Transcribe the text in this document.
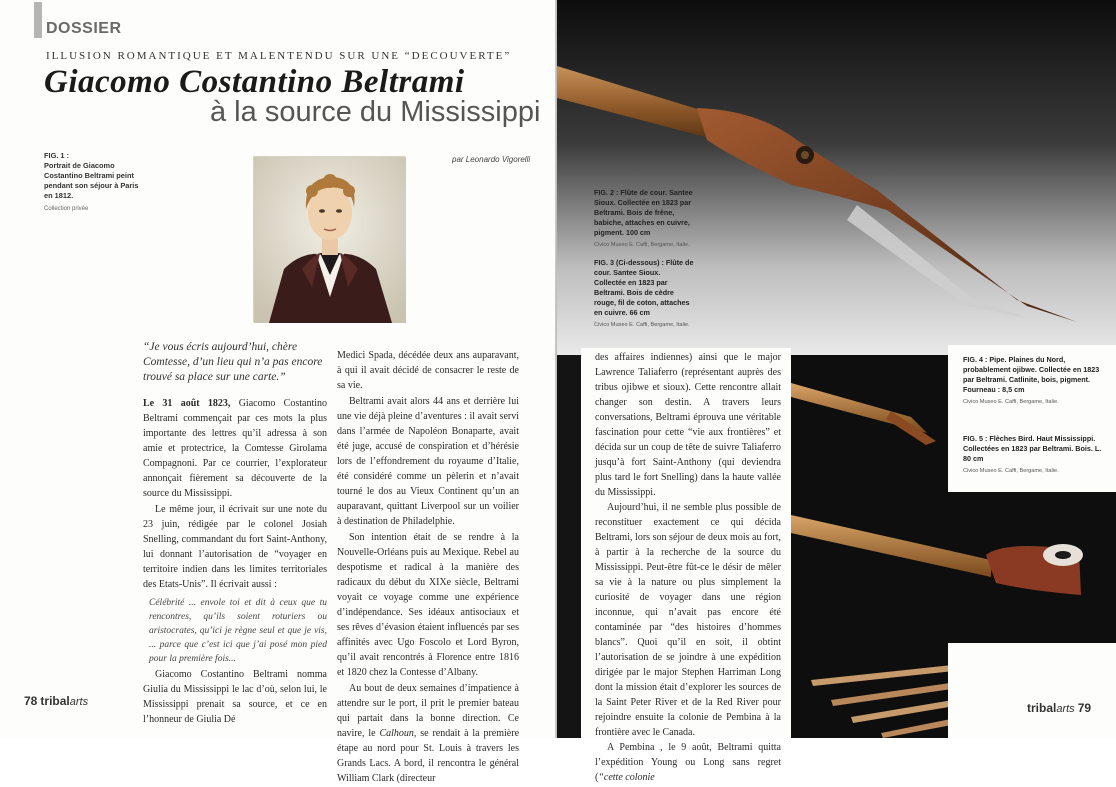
DOSSIER
ILLUSION ROMANTIQUE ET MALENTENDU SUR UNE “DECOUVERTE”
Giacomo Costantino Beltrami
à la source du Mississippi
FIG. 1 :
Portrait de Giacomo Costantino Beltrami peint pendant son séjour à Paris en 1812.
Collection privée
par Leonardo Vigorelli
“Je vous écris aujourd’hui, chère Comtesse, d’un lieu qui n’a pas encore trouvé sa place sur une carte.”

Le 31 août 1823, Giacomo Costantino Beltrami commençait par ces mots la plus importante des lettres qu’il adressa à son amie et protectrice, la Comtesse Girolama Compagnoni. Par ce courrier, l’explorateur annonçait fièrement sa découverte de la source du Mississippi.

Le même jour, il écrivait sur une note du 23 juin, rédigée par le colonel Josiah Snelling, commandant du fort Saint-Anthony, lui donnant l’autorisation de “voyager en territoire indien dans les limites territoriales des Etats-Unis”. Il écrivait aussi :

Célébrité ... envole toi et dit à ceux que tu rencontres, qu’ils soient roturiers ou aristocrates, qu’ici je règne seul et que je vis, ... parce que c’est ici que j’ai posé mon pied pour la première fois...

Giacomo Costantino Beltrami nomma Giulia du Mississippi le lac d’où, selon lui, le Mississippi prenait sa source, et ce en l’honneur de Giulia Dé

Medici Spada, décédée deux ans auparavant, à qui il avait décidé de consacrer le reste de sa vie.

Beltrami avait alors 44 ans et derrière lui une vie déjà pleine d’aventures : il avait servi dans l’armée de Napoléon Bonaparte, avait été juge, accusé de conspiration et d’hérésie lors de l’effondrement du royaume d’Italie, été considéré comme un pèlerin et n’avait tourné le dos au Vieux Continent qu’un an auparavant, quittant Liverpool sur un voilier à destination de Philadelphie.

Son intention était de se rendre à la Nouvelle-Orléans puis au Mexique. Rebel au despotisme et radical à la manière des radicaux du début du XIXe siècle, Beltrami voyait ce voyage comme une expérience d’indépendance. Ses idéaux antisociaux et ses rêves d’évasion étaient influencés par ses affinités avec Ugo Foscolo et Lord Byron, qu’il avait rencontrés à Florence entre 1816 et 1820 chez la Contesse d’Albany.

Au bout de deux semaines d’impatience à attendre sur le port, il prit le premier bateau qui partait dans la bonne direction. Ce navire, le Calhoun, se rendait à la première étape au nord pour St. Louis à travers les Grands Lacs. A bord, il rencontra le général William Clark (directeur

78 tribalarts
FIG. 2 : Flûte de cour. Santee Sioux. Collectée en 1823 par Beltrami. Bois de frêne, babiche, attaches en cuivre, pigment. 100 cm
Civico Museo E. Caffi, Bergame, Italie.
FIG. 3 (Ci-dessous) : Flûte de cour. Santee Sioux. Collectée en 1823 par Beltrami. Bois de cèdre rouge, fil de coton, attaches en cuivre. 66 cm
Civico Museo E. Caffi, Bergame, Italie.

des affaires indiennes) ainsi que le major Lawrence Taliaferro (représentant auprès des tribus ojibwe et sioux). Cette rencontre allait changer son destin. A travers leurs conversations, Beltrami éprouva une véritable fascination pour cette “vie aux frontières” et décida sur un coup de tête de suivre Taliaferro jusqu’à fort Saint-Anthony (qui deviendra plus tard le fort Snelling) dans la haute vallée du Mississippi.

Aujourd’hui, il ne semble plus possible de reconstituer exactement ce qui décida Beltrami, lors son séjour de deux mois au fort, à partir à la recherche de la source du Mississippi. Peut-être fût-ce le désir de mêler sa vie à la nature ou plus simplement la curiosité de voyager dans une région inconnue, qui n’avait pas encore été contaminée par “des histoires d’hommes blancs”. Quoi qu’il en soit, il obtint l’autorisation de se joindre à une expédition dirigée par le major Stephen Harriman Long dont la mission était d’explorer les sources de la Saint Peter River et de la Red River pour rejoindre ensuite la colonie de Pembina à la frontière avec le Canada.

A Pembina , le 9 août, Beltrami quitta l’expédition Young ou Long sans regret (“cette colonie

FIG. 4 : Pipe. Plaines du Nord, probablement ojibwe. Collectée en 1823 par Beltrami. Catlinite, bois, pigment. Fourneau : 8,5 cm
Civico Museo E. Caffi, Bergame, Italie.
FIG. 5 : Flèches Bird. Haut Mississippi. Collectées en 1823 par Beltrami. Bois. L. 80 cm
Civico Museo E. Caffi, Bergame, Italie.
tribalarts 79
